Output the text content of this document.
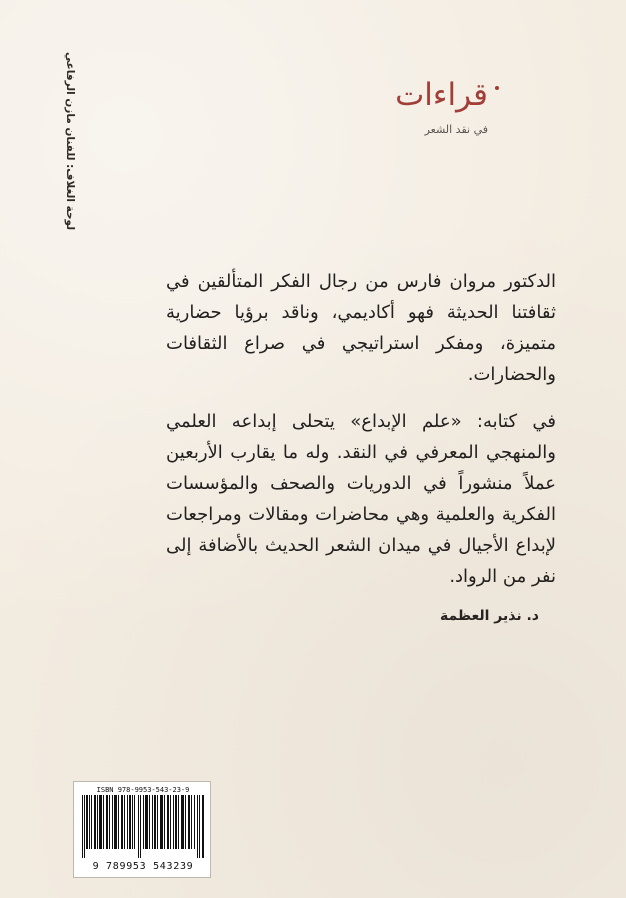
لوحة الغلاف: للفنان مازن الرفاعي	قراءات
في نقد الشعر

الدكتور مروان فارس من رجال الفكر المتألقين في ثقافتنا الحديثة فهو أكاديمي، وناقد برؤيا حضارية متميزة، ومفكر استراتيجي في صراع الثقافات والحضارات.

في كتابه: «علم الإبداع» يتحلى إبداعه العلمي والمنهجي المعرفي في النقد. وله ما يقارب الأربعين عملاً منشوراً في الدوريات والصحف والمؤسسات الفكرية والعلمية وهي محاضرات ومقالات ومراجعات لإبداع الأجيال في ميدان الشعر الحديث بالأضافة إلى نفر من الرواد.

د. نذير العظمة
ISBN 978-9953-543-23-9
9 789953 543239
